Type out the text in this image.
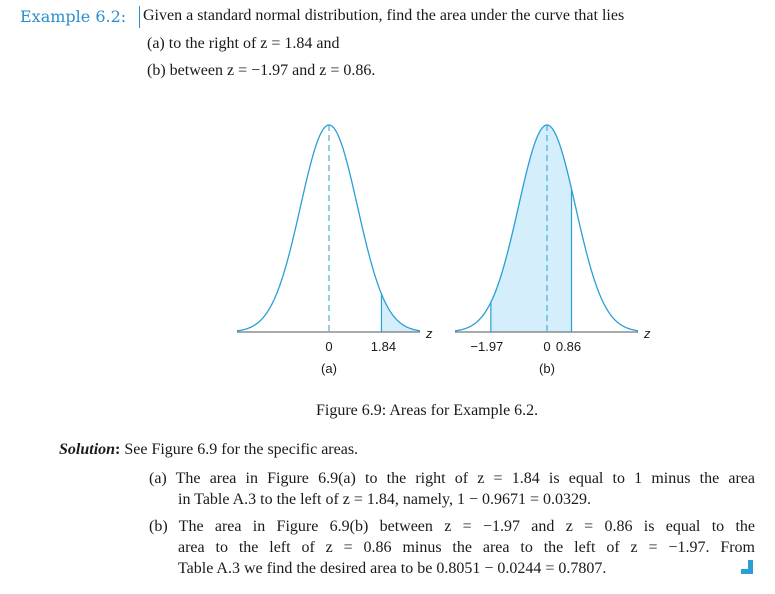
Example 6.2: Given a standard normal distribution, find the area under the curve that lies
(a) to the right of z = 1.84 and
(b) between z = −1.97 and z = 0.86.
0	1.84
z
(a)
−1.97	0 0.86
z
(b)
Figure 6.9: Areas for Example 6.2.
Solution: See Figure 6.9 for the specific areas.
(a) The area in Figure 6.9(a) to the right of z = 1.84 is equal to 1 minus the area
in Table A.3 to the left of z = 1.84, namely, 1 − 0.9671 = 0.0329.
(b) The area in Figure 6.9(b) between z = −1.97 and z = 0.86 is equal to the
area to the left of z = 0.86 minus the area to the left of z = −1.97. From
Table A.3 we find the desired area to be 0.8051 − 0.0244 = 0.7807.
